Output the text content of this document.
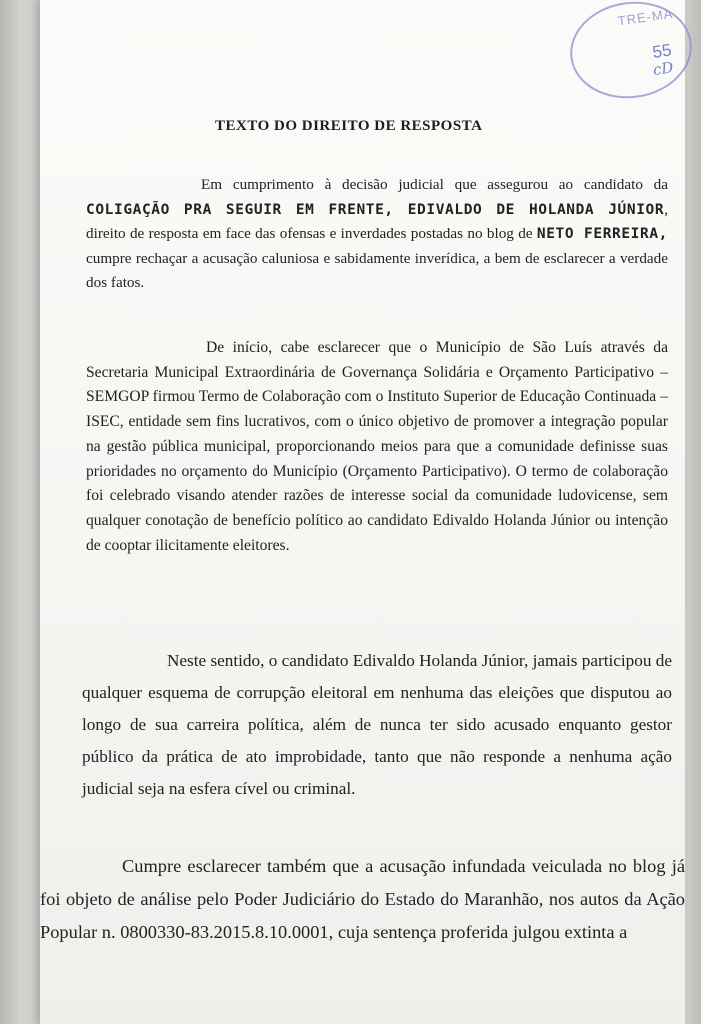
TRE-MA
55
cD
TEXTO DO DIREITO DE RESPOSTA

Em cumprimento à decisão judicial que assegurou ao candidato da COLIGAÇÃO PRA SEGUIR EM FRENTE, EDIVALDO DE HOLANDA JÚNIOR, direito de resposta em face das ofensas e inverdades postadas no blog de NETO FERREIRA, cumpre rechaçar a acusação caluniosa e sabidamente inverídica, a bem de esclarecer a verdade dos fatos.

De início, cabe esclarecer que o Município de São Luís através da Secretaria Municipal Extraordinária de Governança Solidária e Orçamento Participativo – SEMGOP firmou Termo de Colaboração com o Instituto Superior de Educação Continuada – ISEC, entidade sem fins lucrativos, com o único objetivo de promover a integração popular na gestão pública municipal, proporcionando meios para que a comunidade definisse suas prioridades no orçamento do Município (Orçamento Participativo). O termo de colaboração foi celebrado visando atender razões de interesse social da comunidade ludovicense, sem qualquer conotação de benefício político ao candidato Edivaldo Holanda Júnior ou intenção de cooptar ilicitamente eleitores.

Neste sentido, o candidato Edivaldo Holanda Júnior, jamais participou de qualquer esquema de corrupção eleitoral em nenhuma das eleições que disputou ao longo de sua carreira política, além de nunca ter sido acusado enquanto gestor público da prática de ato improbidade, tanto que não responde a nenhuma ação judicial seja na esfera cível ou criminal.

Cumpre esclarecer também que a acusação infundada veiculada no blog já foi objeto de análise pelo Poder Judiciário do Estado do Maranhão, nos autos da Ação Popular n. 0800330-83.2015.8.10.0001, cuja sentença proferida julgou extinta a
